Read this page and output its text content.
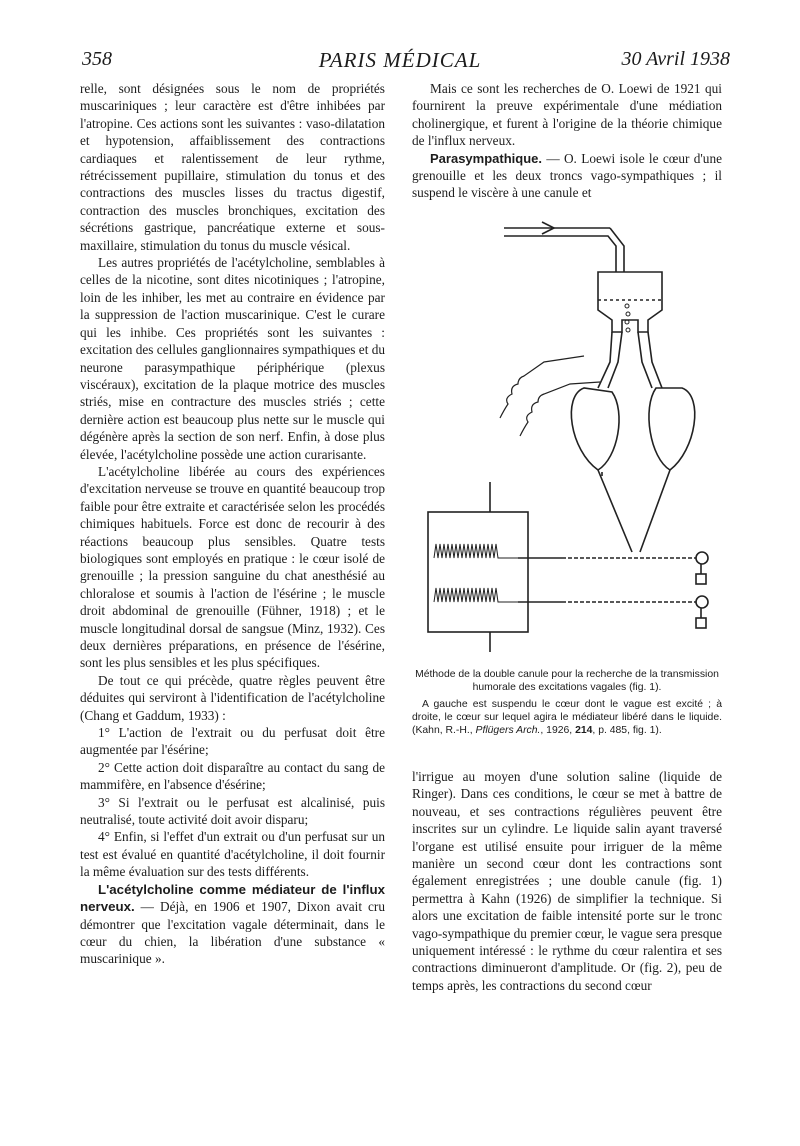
358	PARIS MÉDICAL	30 Avril 1938

relle, sont désignées sous le nom de propriétés muscariniques ; leur caractère est d'être inhibées par l'atropine. Ces actions sont les suivantes : vaso-dilatation et hypotension, affaiblissement des contractions cardiaques et ralentissement de leur rythme, rétrécissement pupillaire, stimulation du tonus et des contractions des muscles lisses du tractus digestif, contraction des muscles bronchiques, excitation des sécrétions gastrique, pancréatique externe et sous-maxillaire, stimulation du tonus du muscle vésical.

Les autres propriétés de l'acétylcholine, semblables à celles de la nicotine, sont dites nicotiniques ; l'atropine, loin de les inhiber, les met au contraire en évidence par la suppression de l'action muscarinique. C'est le curare qui les inhibe. Ces propriétés sont les suivantes : excitation des cellules ganglionnaires sympathiques et du neurone parasympathique périphérique (plexus viscéraux), excitation de la plaque motrice des muscles striés, mise en contracture des muscles striés ; cette dernière action est beaucoup plus nette sur le muscle qui dégénère après la section de son nerf. Enfin, à dose plus élevée, l'acétylcholine possède une action curarisante.

L'acétylcholine libérée au cours des expériences d'excitation nerveuse se trouve en quantité beaucoup trop faible pour être extraite et caractérisée selon les procédés chimiques habituels. Force est donc de recourir à des réactions beaucoup plus sensibles. Quatre tests biologiques sont employés en pratique : le cœur isolé de grenouille ; la pression sanguine du chat anesthésié au chloralose et soumis à l'action de l'ésérine ; le muscle droit abdominal de grenouille (Fühner, 1918) ; et le muscle longitudinal dorsal de sangsue (Minz, 1932). Ces deux dernières préparations, en présence de l'ésérine, sont les plus sensibles et les plus spécifiques.

De tout ce qui précède, quatre règles peuvent être déduites qui serviront à l'identification de l'acétylcholine (Chang et Gaddum, 1933) :

1° L'action de l'extrait ou du perfusat doit être augmentée par l'ésérine;

2° Cette action doit disparaître au contact du sang de mammifère, en l'absence d'ésérine;

3° Si l'extrait ou le perfusat est alcalinisé, puis neutralisé, toute activité doit avoir disparu;

4° Enfin, si l'effet d'un extrait ou d'un perfusat sur un test est évalué en quantité d'acétylcholine, il doit fournir la même évaluation sur des tests différents.

L'acétylcholine comme médiateur de l'influx nerveux. — Déjà, en 1906 et 1907, Dixon avait cru démontrer que l'excitation vagale déterminait, dans le cœur du chien, la libération d'une substance « muscarinique ».

Mais ce sont les recherches de O. Loewi de 1921 qui fournirent la preuve expérimentale d'une médiation cholinergique, et furent à l'origine de la théorie chimique de l'influx nerveux.

Parasympathique. — O. Loewi isole le cœur d'une grenouille et les deux troncs vago-sympathiques ; il suspend le viscère à une canule et

Méthode de la double canule pour la recherche de la transmission humorale des excitations vagales (fig. 1).

A gauche est suspendu le cœur dont le vague est excité ; à droite, le cœur sur lequel agira le médiateur libéré dans le liquide. (Kahn, R.-H., Pflügers Arch., 1926, 214, p. 485, fig. 1).

l'irrigue au moyen d'une solution saline (liquide de Ringer). Dans ces conditions, le cœur se met à battre de nouveau, et ses contractions régulières peuvent être inscrites sur un cylindre. Le liquide salin ayant traversé l'organe est utilisé ensuite pour irriguer de la même manière un second cœur dont les contractions sont également enregistrées ; une double canule (fig. 1) permettra à Kahn (1926) de simplifier la technique. Si alors une excitation de faible intensité porte sur le tronc vago-sympathique du premier cœur, le vague sera presque uniquement intéressé : le rythme du cœur ralentira et ses contractions diminueront d'amplitude. Or (fig. 2), peu de temps après, les contractions du second cœur
